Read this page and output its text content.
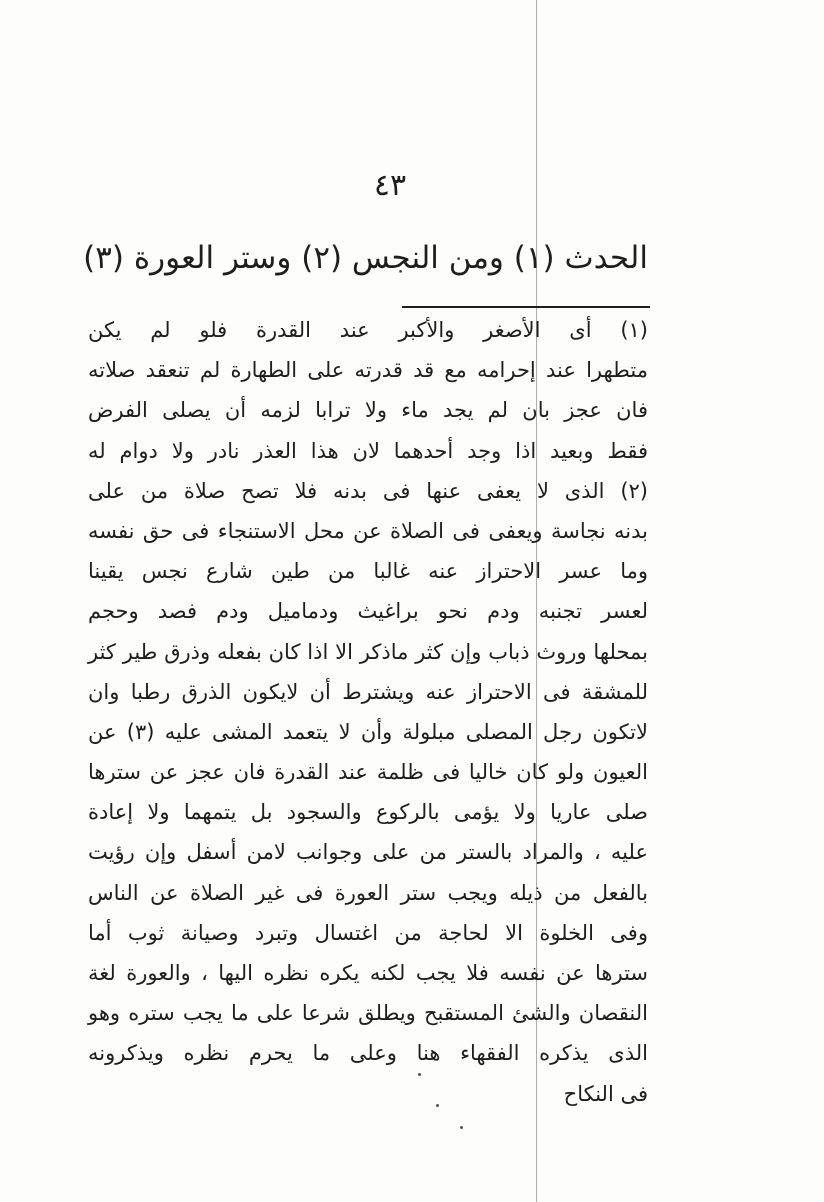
٤٣
الحدث (١) ومن النجس (٢) وستر العورة (٣)
(١) أى الأصغر والأكبر عند القدرة فلو لم يكن
متطهرا عند إحرامه مع قد قدرته على الطهارة لم تنعقد صلاته
فان عجز بان لم يجد ماء ولا ترابا لزمه أن يصلى الفرض
فقط وبعيد اذا وجد أحدهما لان هذا العذر نادر ولا دوام له
(٢) الذى لا يعفى عنها فى بدنه فلا تصح صلاة من على
بدنه نجاسة ويعفى فى الصلاة عن محل الاستنجاء فى حق نفسه
وما عسر الاحتراز عنه غالبا من طين شارع نجس يقينا
لعسر تجنبه ودم نحو براغيث ودماميل ودم فصد وحجم
بمحلها وروث ذباب وإن كثر ماذكر الا اذا كان بفعله وذرق طير كثر
للمشقة فى الاحتراز عنه ويشترط أن لايكون الذرق رطبا وان
لاتكون رجل المصلى مبلولة وأن لا يتعمد المشى عليه (٣) عن
العيون ولو كان خاليا فى ظلمة عند القدرة فان عجز عن سترها
صلى عاريا ولا يؤمى بالركوع والسجود بل يتمهما ولا إعادة
عليه ، والمراد بالستر من على وجوانب لامن أسفل وإن رؤيت
بالفعل من ذيله ويجب ستر العورة فى غير الصلاة عن الناس
وفى الخلوة الا لحاجة من اغتسال وتبرد وصيانة ثوب أما
سترها عن نفسه فلا يجب لكنه يكره نظره اليها ، والعورة لغة
النقصان والشئ المستقبح ويطلق شرعا على ما يجب ستره وهو
الذى يذكره الفقهاء هنا وعلى ما يحرم نظره ويذكرونه
فى النكاح
